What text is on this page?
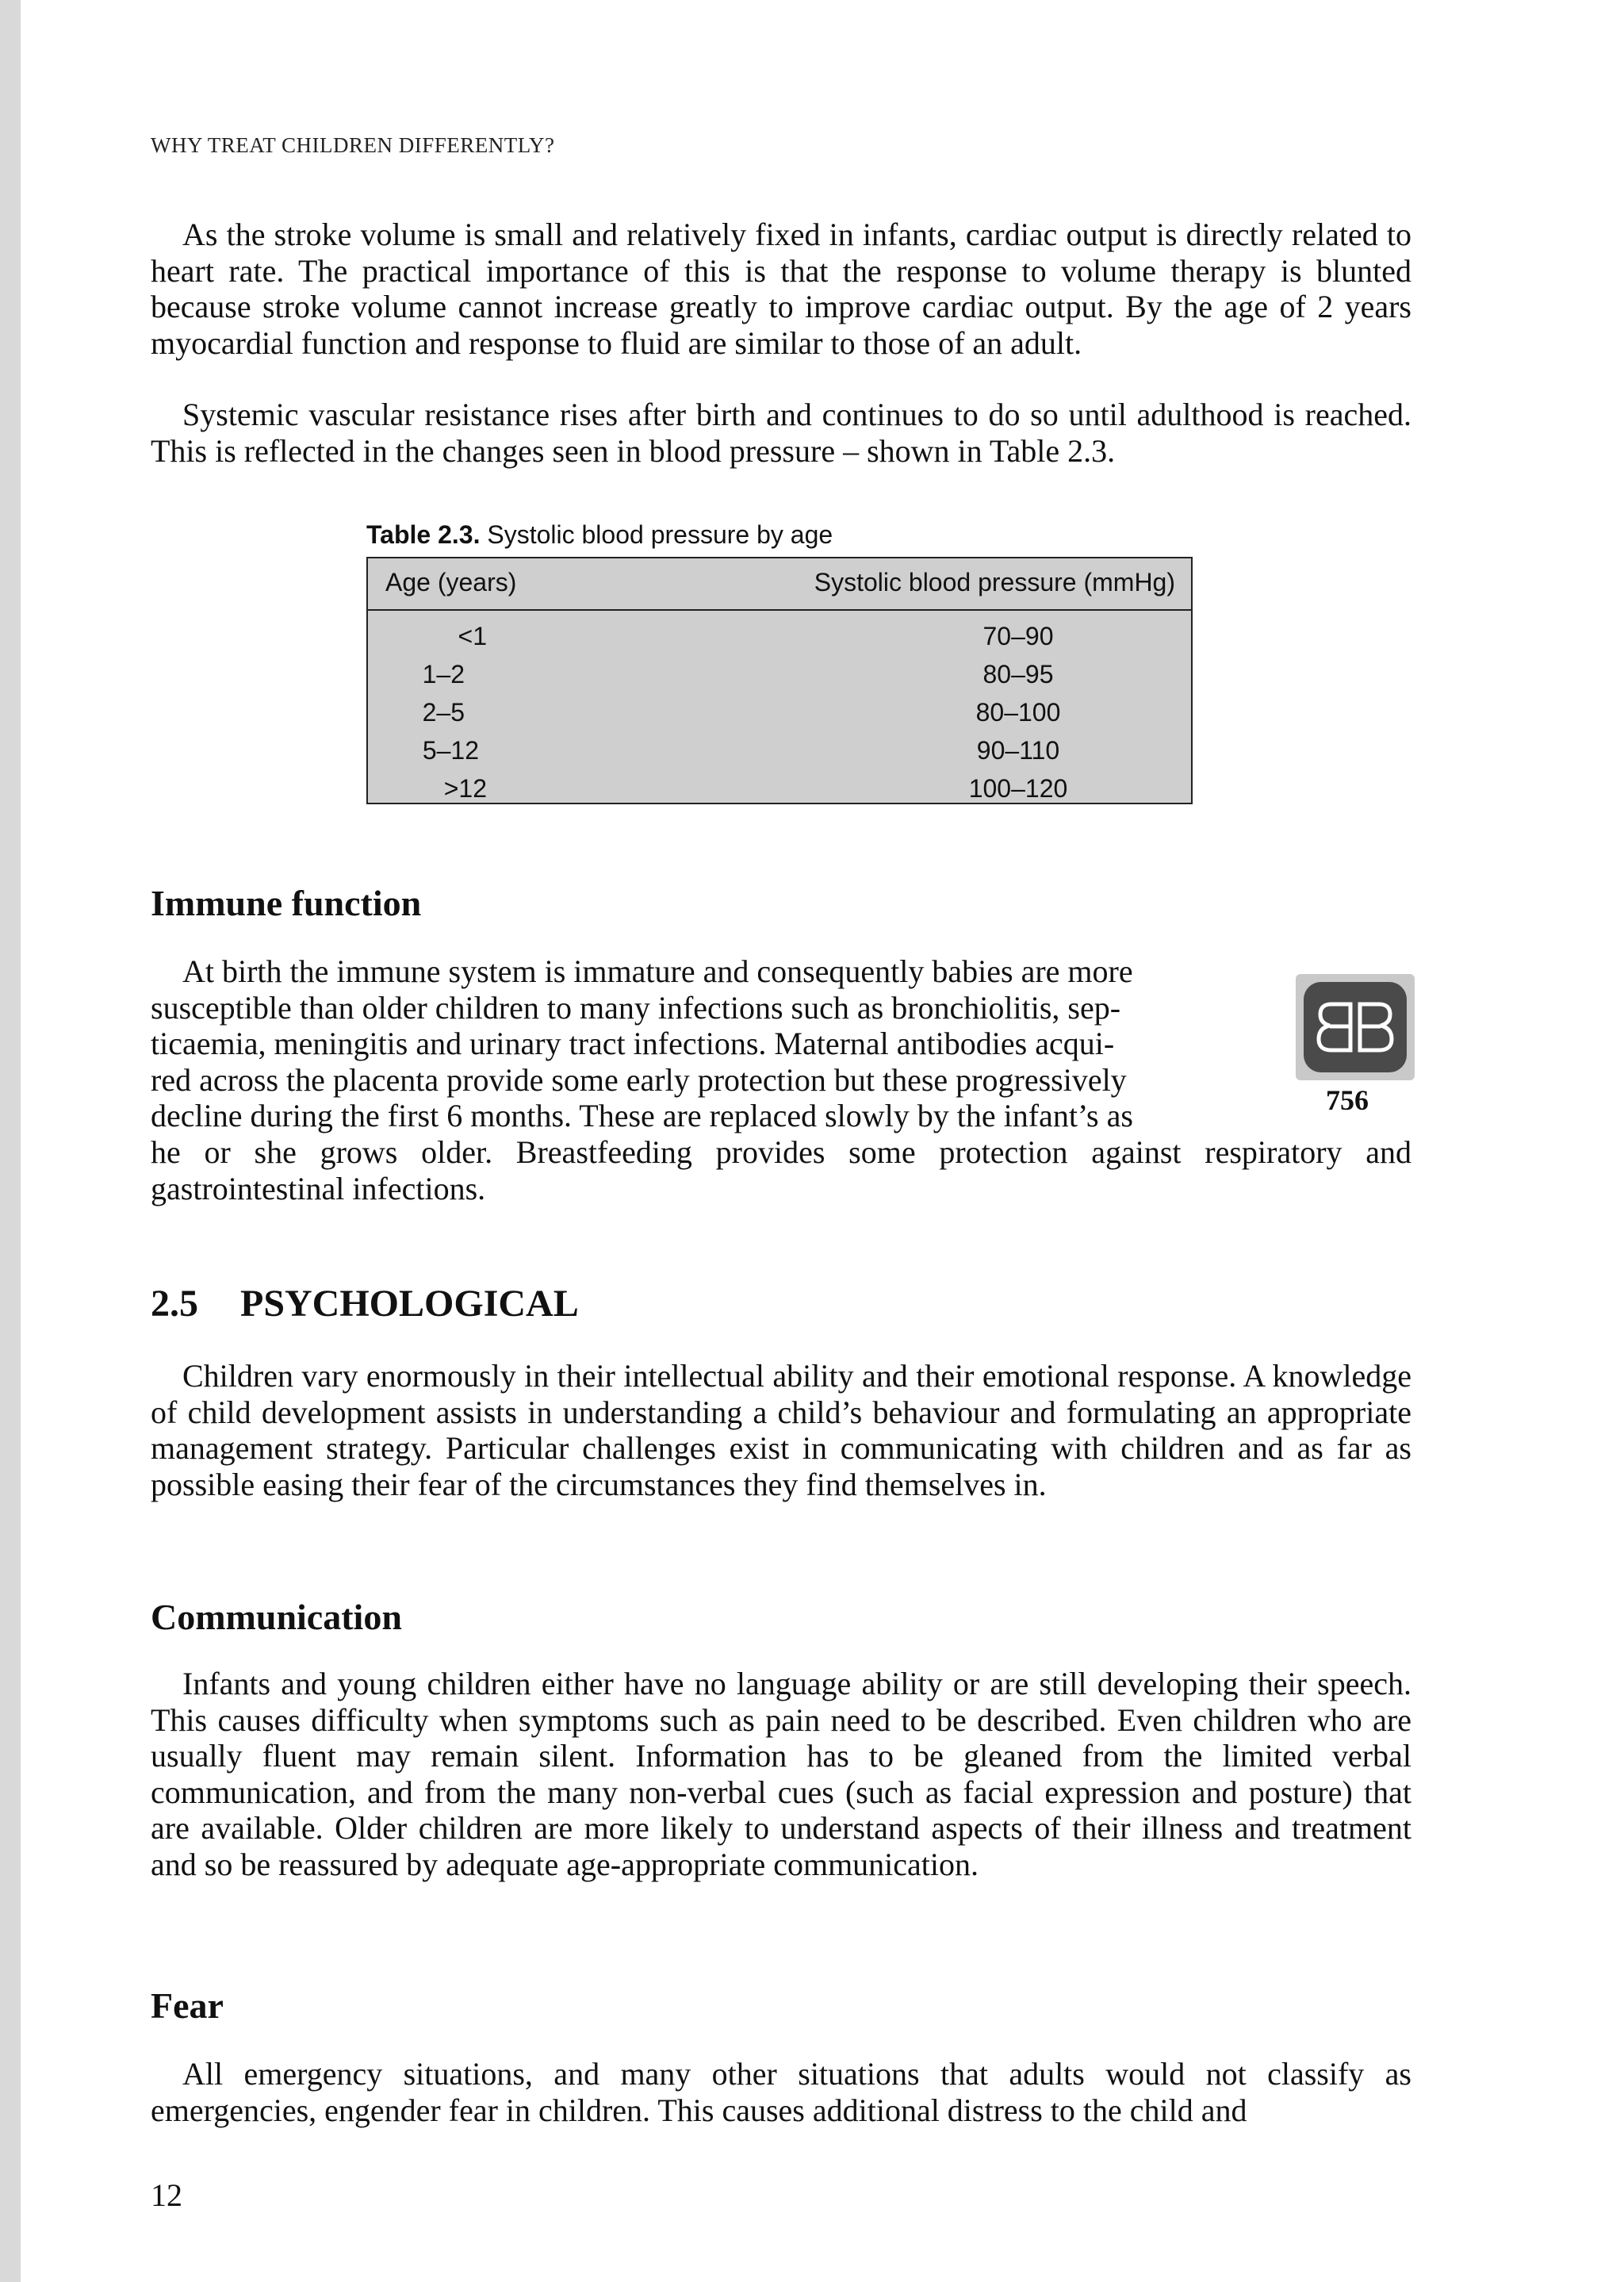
WHY TREAT CHILDREN DIFFERENTLY?

As the stroke volume is small and relatively fixed in infants, cardiac output is directly related to heart rate. The practical importance of this is that the response to volume therapy is blunted because stroke volume cannot increase greatly to improve cardiac output. By the age of 2 years myocardial function and response to fluid are similar to those of an adult.

Systemic vascular resistance rises after birth and continues to do so until adulthood is reached. This is reflected in the changes seen in blood pressure – shown in Table 2.3.

Table 2.3. Systolic blood pressure by age
Age (years)	Systolic blood pressure (mmHg)
<1	70–90
1–2	80–95
2–5	80–100
5–12	90–110
>12	100–120
Immune function
At birth the immune system is immature and consequently babies are more
susceptible than older children to many infections such as bronchiolitis, sep-
ticaemia, meningitis and urinary tract infections. Maternal antibodies acqui-
red across the placenta provide some early protection but these progressively
decline during the first 6 months. These are replaced slowly by the infant’s as

he or she grows older. Breastfeeding provides some protection against respiratory and gastrointestinal infections.

756
2.5 PSYCHOLOGICAL

Children vary enormously in their intellectual ability and their emotional response. A knowledge of child development assists in understanding a child’s behaviour and formulating an appropriate management strategy. Particular challenges exist in communicating with children and as far as possible easing their fear of the circumstances they find themselves in.

Communication

Infants and young children either have no language ability or are still developing their speech. This causes difficulty when symptoms such as pain need to be described. Even children who are usually fluent may remain silent. Information has to be gleaned from the limited verbal communication, and from the many non-verbal cues (such as facial expression and posture) that are available. Older children are more likely to understand aspects of their illness and treatment and so be reassured by adequate age-appropriate communication.

Fear

All emergency situations, and many other situations that adults would not classify as emergencies, engender fear in children. This causes additional distress to the child and

12
